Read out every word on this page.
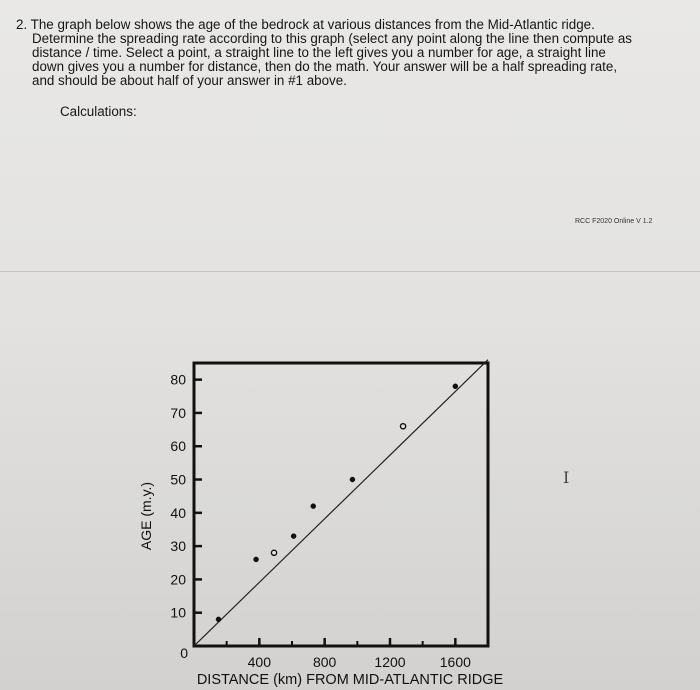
2. The graph below shows the age of the bedrock at various distances from the Mid-Atlantic ridge.
Determine the spreading rate according to this graph (select any point along the line then compute as
distance / time. Select a point, a straight line to the left gives you a number for age, a straight line
down gives you a number for distance, then do the math. Your answer will be a half spreading rate,
and should be about half of your answer in #1 above.
Calculations:
RCC F2020 Online V 1.2
0
10
20
30
40
50
60
70
80
400	800	1200 1600
AGE (m.y.)
DISTANCE (km) FROM MID-ATLANTIC RIDGE
I
